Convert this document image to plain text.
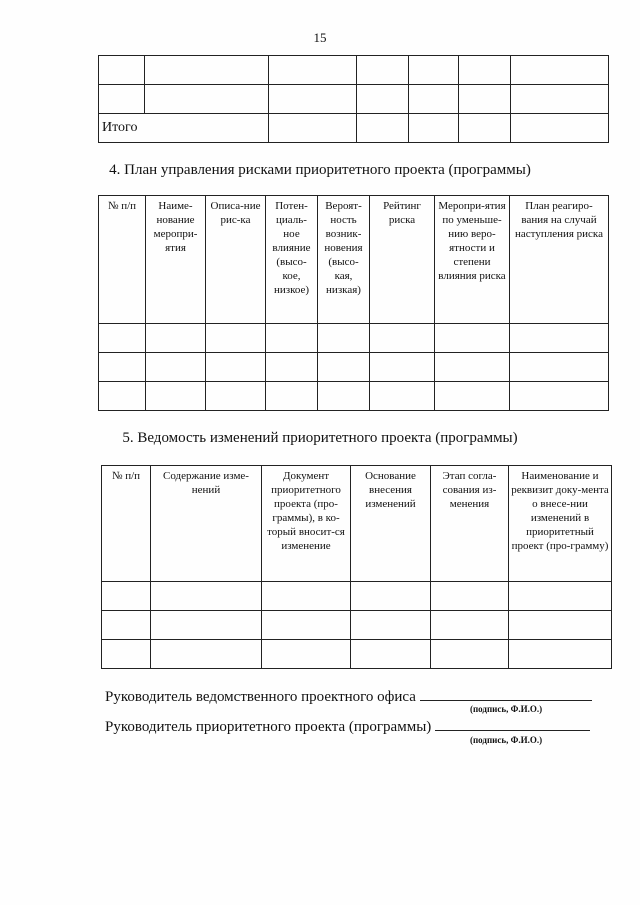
15

Итого						
4. План управления рисками приоритетного проекта (программы)
№ п/п	Наиме-нование меропри-ятия	Описа-ние рис-ка	Потен-циаль-ное влияние (высо-кое, низкое)	Вероят-ность возник-новения (высо-кая, низкая)	Рейтинг риска	Меропри-ятия по уменьше-нию веро-ятности и степени влияния риска	План реагиро-вания на случай наступления риска

5. Ведомость изменений приоритетного проекта (программы)
№ п/п	Содержание изме-нений	Документ приоритетного проекта (про-граммы), в ко-торый вносит-ся изменение	Основание внесения изменений	Этап согла-сования из-менения	Наименование и реквизит доку-мента о внесе-нии изменений в приоритетный проект (про-грамму)

Руководитель ведомственного проектного офиса
(подпись, Ф.И.О.)
Руководитель приоритетного проекта (программы)
(подпись, Ф.И.О.)
